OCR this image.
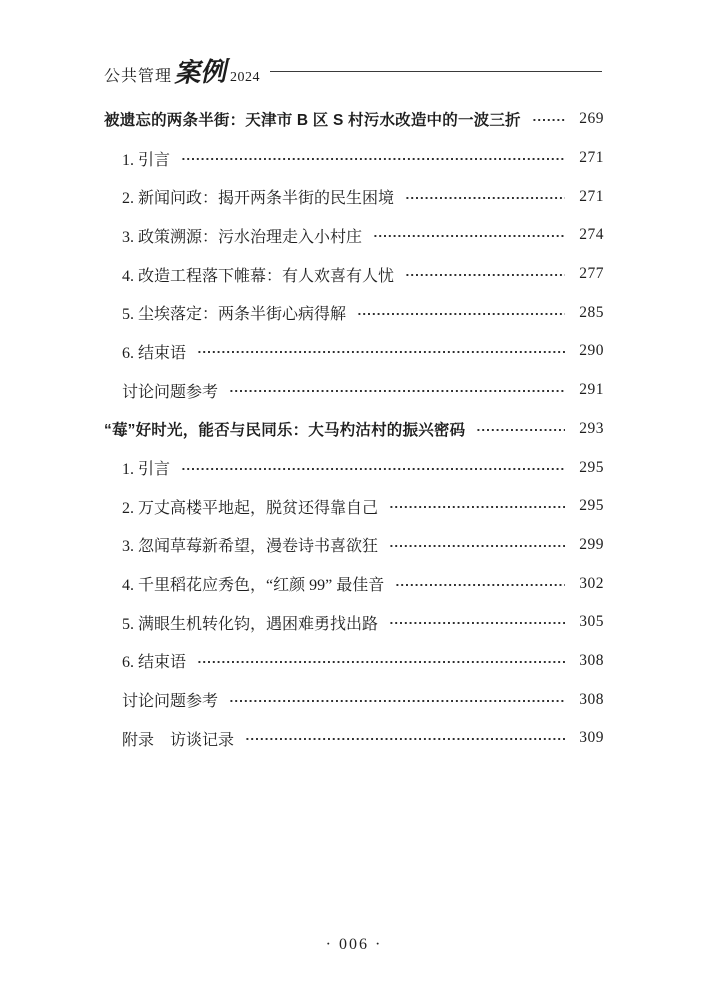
公共管理 案例 2024
被遗忘的两条半街：天津市 B 区 S 村污水改造中的一波三折	269
1. 引言	271
2. 新闻问政：揭开两条半街的民生困境	271
3. 政策溯源：污水治理走入小村庄	274
4. 改造工程落下帷幕：有人欢喜有人忧	277
5. 尘埃落定：两条半街心病得解	285
6. 结束语	290
讨论问题参考	291
“莓”好时光，能否与民同乐：大马杓沽村的振兴密码	293
1. 引言	295
2. 万丈高楼平地起，脱贫还得靠自己	295
3. 忽闻草莓新希望，漫卷诗书喜欲狂	299
4. 千里稻花应秀色，“红颜 99” 最佳音	302
5. 满眼生机转化钧，遇困难勇找出路	305
6. 结束语	308
讨论问题参考	308
附录　访谈记录	309
· 006 ·
